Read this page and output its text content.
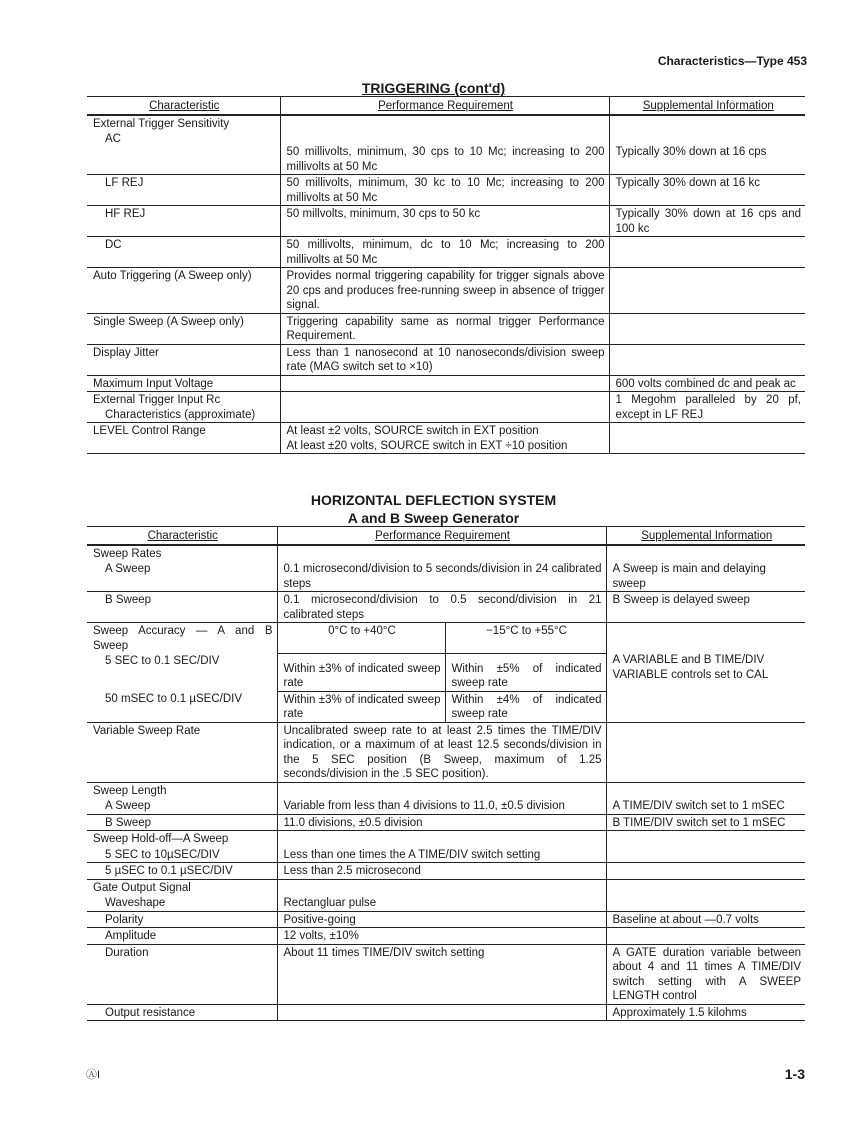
Characteristics—Type 453
TRIGGERING (cont'd)
Characteristic	Performance Requirement	Supplemental Information
External Trigger Sensitivity		
AC	50 millivolts, minimum, 30 cps to 10 Mc; increasing to 200 millivolts at 50 Mc	Typically 30% down at 16 cps
LF REJ	50 millivolts, minimum, 30 kc to 10 Mc; increasing to 200 millivolts at 50 Mc	Typically 30% down at 16 kc
HF REJ	50 millvolts, minimum, 30 cps to 50 kc	Typically 30% down at 16 cps and 100 kc
DC	50 millivolts, minimum, dc to 10 Mc; increasing to 200 millivolts at 50 Mc	
Auto Triggering (A Sweep only)	Provides normal triggering capability for trigger signals above 20 cps and produces free-running sweep in absence of trigger signal.	
Single Sweep (A Sweep only)	Triggering capability same as normal trigger Performance Requirement.	
Display Jitter	Less than 1 nanosecond at 10 nanoseconds/division sweep rate (MAG switch set to ×10)	
Maximum Input Voltage		600 volts combined dc and peak ac
External Trigger Input Rc Characteristics (approximate)		1 Megohm paralleled by 20 pf, except in LF REJ
LEVEL Control Range	At least ±2 volts, SOURCE switch in EXT position
At least ±20 volts, SOURCE switch in EXT ÷10 position	
HORIZONTAL DEFLECTION SYSTEM
A and B Sweep Generator
Characteristic	Performance Requirement		Supplemental Information
Sweep Rates			
A Sweep	0.1 microsecond/division to 5 seconds/division in 24 calibrated steps		A Sweep is main and delaying sweep
B Sweep	0.1 microsecond/division to 0.5 second/division in 21 calibrated steps		B Sweep is delayed sweep
Sweep Accuracy — A and B Sweep	0°C to +40°C	−15°C to +55°C	A VARIABLE and B TIME/DIV VARIABLE controls set to CAL
5 SEC to 0.1 SEC/DIV	Within ±3% of indicated sweep rate	Within ±5% of indicated sweep rate	
50 mSEC to 0.1 µSEC/DIV	Within ±3% of indicated sweep rate	Within ±4% of indicated sweep rate	
Variable Sweep Rate	Uncalibrated sweep rate to at least 2.5 times the TIME/DIV indication, or a maximum of at least 12.5 seconds/division in the 5 SEC position (B Sweep, maximum of 1.25 seconds/division in the .5 SEC position).		
Sweep Length			
A Sweep	Variable from less than 4 divisions to 11.0, ±0.5 division		A TIME/DIV switch set to 1 mSEC
B Sweep	11.0 divisions, ±0.5 division		B TIME/DIV switch set to 1 mSEC
Sweep Hold-off—A Sweep			
5 SEC to 10µSEC/DIV	Less than one times the A TIME/DIV switch setting		
5 µSEC to 0.1 µSEC/DIV	Less than 2.5 microsecond		
Gate Output Signal			
Waveshape	Rectangluar pulse		
Polarity	Positive-going		Baseline at about —0.7 volts
Amplitude	12 volts, ±10%		
Duration	About 11 times TIME/DIV switch setting		A GATE duration variable between about 4 and 11 times A TIME/DIV switch setting with A SWEEP LENGTH control
Output resistance			Approximately 1.5 kilohms
ⒶI	1-3
